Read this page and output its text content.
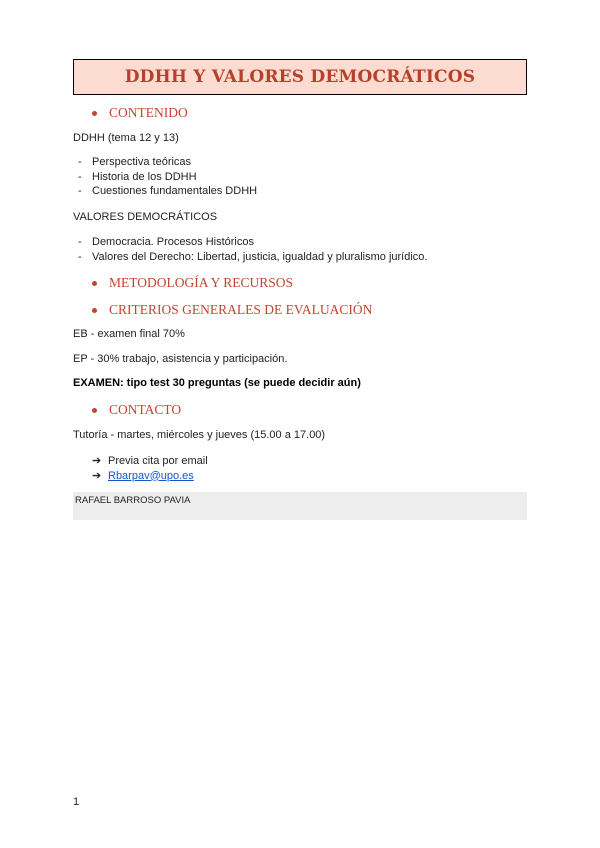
DDHH Y VALORES DEMOCRÁTICOS
CONTENIDO
DDHH (tema 12 y 13)
- Perspectiva teóricas
- Historia de los DDHH
- Cuestiones fundamentales DDHH
VALORES DEMOCRÁTICOS
- Democracia. Procesos Históricos
- Valores del Derecho: Libertad, justicia, igualdad y pluralismo jurídico.
METODOLOGÍA Y RECURSOS
CRITERIOS GENERALES DE EVALUACIÓN
EB - examen final 70%
EP - 30% trabajo, asistencia y participación.
EXAMEN: tipo test 30 preguntas (se puede decidir aún)
CONTACTO
Tutoría - martes, miércoles y jueves (15.00 a 17.00)
➔ Previa cita por email
➔ Rbarpav@upo.es
RAFAEL BARROSO PAVIA
1
